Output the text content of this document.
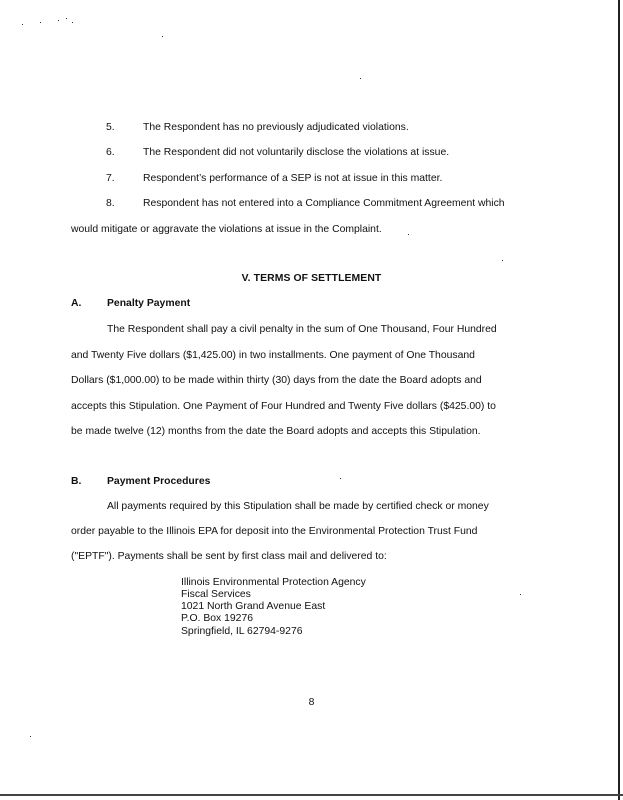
5.	The Respondent has no previously adjudicated violations.
6.	The Respondent did not voluntarily disclose the violations at issue.
7.	Respondent’s performance of a SEP is not at issue in this matter.
8.	Respondent has not entered into a Compliance Commitment Agreement which
would mitigate or aggravate the violations at issue in the Complaint.
V. TERMS OF SETTLEMENT
A. Penalty Payment
The Respondent shall pay a civil penalty in the sum of One Thousand, Four Hundred
and Twenty Five dollars ($1,425.00) in two installments. One payment of One Thousand
Dollars ($1,000.00) to be made within thirty (30) days from the date the Board adopts and
accepts this Stipulation. One Payment of Four Hundred and Twenty Five dollars ($425.00) to
be made twelve (12) months from the date the Board adopts and accepts this Stipulation.
B. Payment Procedures
All payments required by this Stipulation shall be made by certified check or money
order payable to the Illinois EPA for deposit into the Environmental Protection Trust Fund
("EPTF"). Payments shall be sent by first class mail and delivered to:
Illinois Environmental Protection Agency
Fiscal Services
1021 North Grand Avenue East
P.O. Box 19276
Springfield, IL 62794-9276
8
